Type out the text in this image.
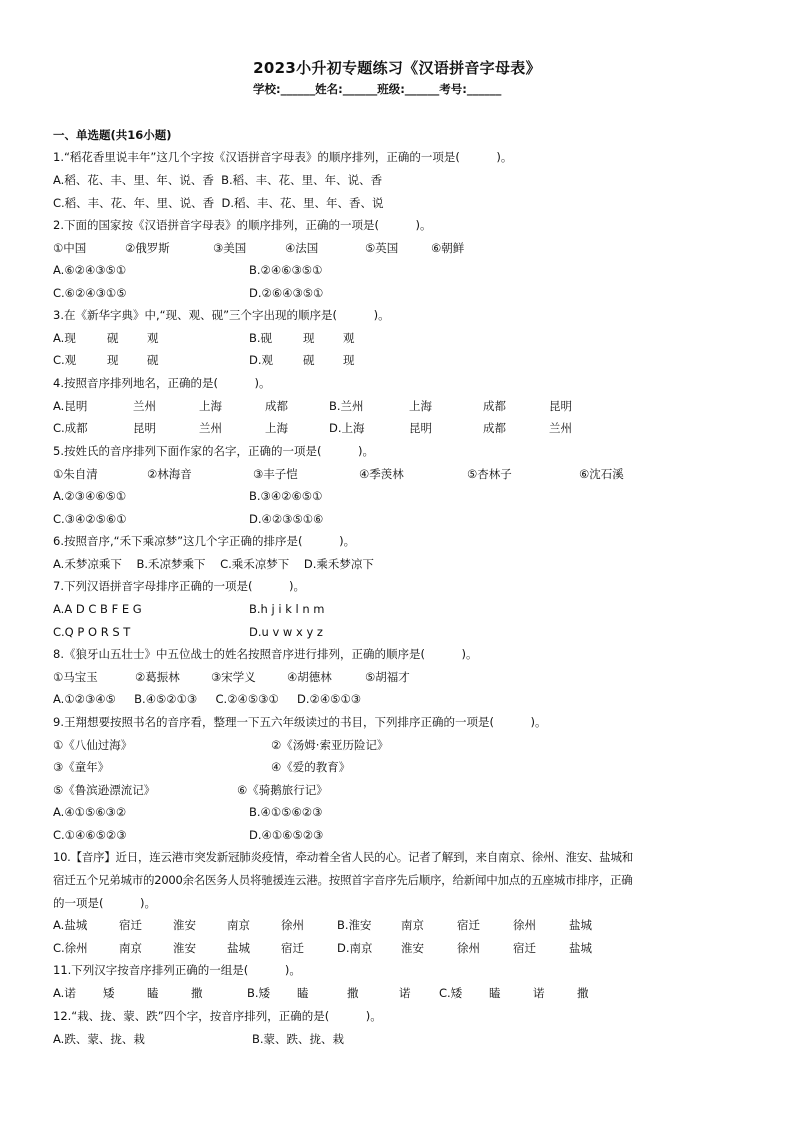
2023小升初专题练习《汉语拼音字母表》
学校:______姓名:______班级:______考号:______
一、单选题(共16小题)
1.“稻花香里说丰年”这几个字按《汉语拼音字母表》的顺序排列，正确的一项是(          )。
A.稻、花、丰、里、年、说、香  B.稻、丰、花、里、年、说、香
C.稻、丰、花、年、里、说、香  D.稻、丰、花、里、年、香、说
2.下面的国家按《汉语拼音字母表》的顺序排列，正确的一项是(          )。
①中国	②俄罗斯	③美国	④法国	⑤英国	⑥朝鲜
A.⑥②④③⑤①	B.②④⑥③⑤①
C.⑥②④③①⑤	D.②⑥④③⑤①
3.在《新华字典》中,“现、观、砚”三个字出现的顺序是(          )。
A.现	砚	观	B.砚	现	观
C.观	现	砚	D.观	砚	现
4.按照音序排列地名，正确的是(          )。
A.昆明	兰州	上海	成都	B.兰州	上海	成都	昆明
C.成都	昆明	兰州	上海	D.上海	昆明	成都	兰州
5.按姓氏的音序排列下面作家的名字，正确的一项是(          )。
①朱自清	②林海音	③丰子恺	④季羡林	⑤杏林子	⑥沈石溪
A.②③④⑥⑤①	B.③④②⑥⑤①
C.③④②⑤⑥①	D.④②③⑤①⑥
6.按照音序,“禾下乘凉梦”这几个字正确的排序是(          )。
A.禾梦凉乘下    B.禾凉梦乘下    C.乘禾凉梦下    D.乘禾梦凉下
7.下列汉语拼音字母排序正确的一项是(          )。
A.A D C B F E G	B.h j i k l n m
C.Q P O R S T	D.u v w x y z
8.《狼牙山五壮士》中五位战士的姓名按照音序进行排列，正确的顺序是(          )。
①马宝玉	②葛振林	③宋学义	④胡德林	⑤胡福才
A.①②③④⑤     B.④⑤②①③     C.②④⑤③①     D.②④⑤①③
9.王翔想要按照书名的音序看，整理一下五六年级读过的书目，下列排序正确的一项是(          )。
①《八仙过海》	②《汤姆·索亚历险记》
③《童年》	④《爱的教育》
⑤《鲁滨逊漂流记》	⑥《骑鹅旅行记》
A.④①⑤⑥③②	B.④①⑤⑥②③
C.①④⑥⑤②③	D.④①⑥⑤②③
10.【音序】近日，连云港市突发新冠肺炎疫情，牵动着全省人民的心。记者了解到，来自南京、徐州、淮安、盐城和
宿迁五个兄弟城市的2000余名医务人员将驰援连云港。按照首字音序先后顺序，给新闻中加点的五座城市排序，正确
的一项是(          )。
A.盐城	宿迁	淮安	南京	徐州	B.淮安	南京	宿迁	徐州	盐城
C.徐州	南京	淮安	盐城	宿迁	D.南京	淮安	徐州	宿迁	盐城
11.下列汉字按音序排列正确的一组是(          )。
A.诺	矮	瞌	撒	B.矮	瞌	撒	诺	C.矮	瞌	诺	撒
12.“栽、拢、蒙、跌”四个字，按音序排列，正确的是(          )。
A.跌、蒙、拢、栽	B.蒙、跌、拢、栽
